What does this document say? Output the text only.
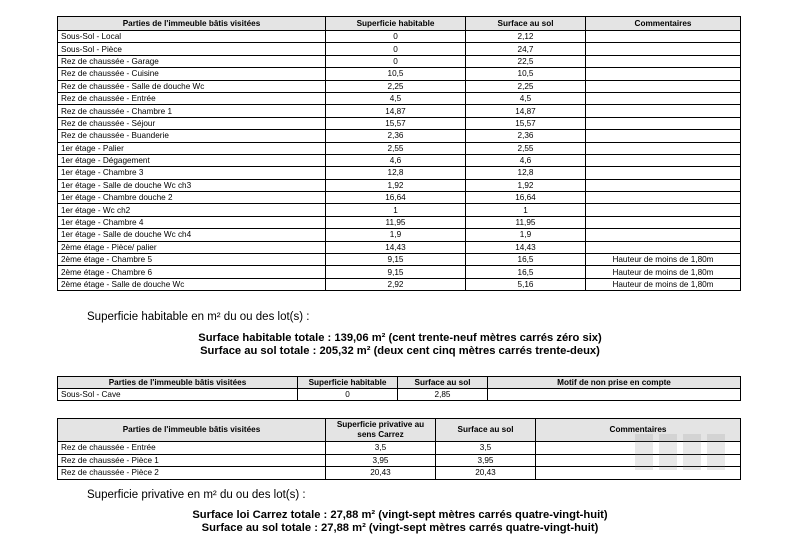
Parties de l'immeuble bâtis visitées	Superficie habitable	Surface au sol	Commentaires
Sous-Sol - Local	0	2,12	
Sous-Sol - Pièce	0	24,7	
Rez de chaussée - Garage	0	22,5	
Rez de chaussée - Cuisine	10,5	10,5	
Rez de chaussée - Salle de douche Wc	2,25	2,25	
Rez de chaussée - Entrée	4,5	4,5	
Rez de chaussée - Chambre 1	14,87	14,87	
Rez de chaussée - Séjour	15,57	15,57	
Rez de chaussée - Buanderie	2,36	2,36	
1er étage - Palier	2,55	2,55	
1er étage - Dégagement	4,6	4,6	
1er étage - Chambre 3	12,8	12,8	
1er étage - Salle de douche Wc ch3	1,92	1,92	
1er étage - Chambre douche 2	16,64	16,64	
1er étage - Wc ch2	1	1	
1er étage - Chambre 4	11,95	11,95	
1er étage - Salle de douche Wc ch4	1,9	1,9	
2ème étage - Pièce/ palier	14,43	14,43	
2ème étage - Chambre 5	9,15	16,5	Hauteur de moins de 1,80m
2ème étage - Chambre 6	9,15	16,5	Hauteur de moins de 1,80m
2ème étage - Salle de douche Wc	2,92	5,16	Hauteur de moins de 1,80m
Superficie habitable en m² du ou des lot(s) :
Surface habitable totale : 139,06 m² (cent trente-neuf mètres carrés zéro six)
Surface au sol totale : 205,32 m² (deux cent cinq mètres carrés trente-deux)
Parties de l'immeuble bâtis visitées	Superficie habitable	Surface au sol	Motif de non prise en compte
Sous-Sol - Cave	0	2,85	
Parties de l'immeuble bâtis visitées	Superficie privative au sens Carrez	Surface au sol	Commentaires
Rez de chaussée - Entrée	3,5	3,5	
Rez de chaussée - Pièce 1	3,95	3,95	
Rez de chaussée - Pièce 2	20,43	20,43	
Superficie privative en m² du ou des lot(s) :
Surface loi Carrez totale : 27,88 m² (vingt-sept mètres carrés quatre-vingt-huit)
Surface au sol totale : 27,88 m² (vingt-sept mètres carrés quatre-vingt-huit)
